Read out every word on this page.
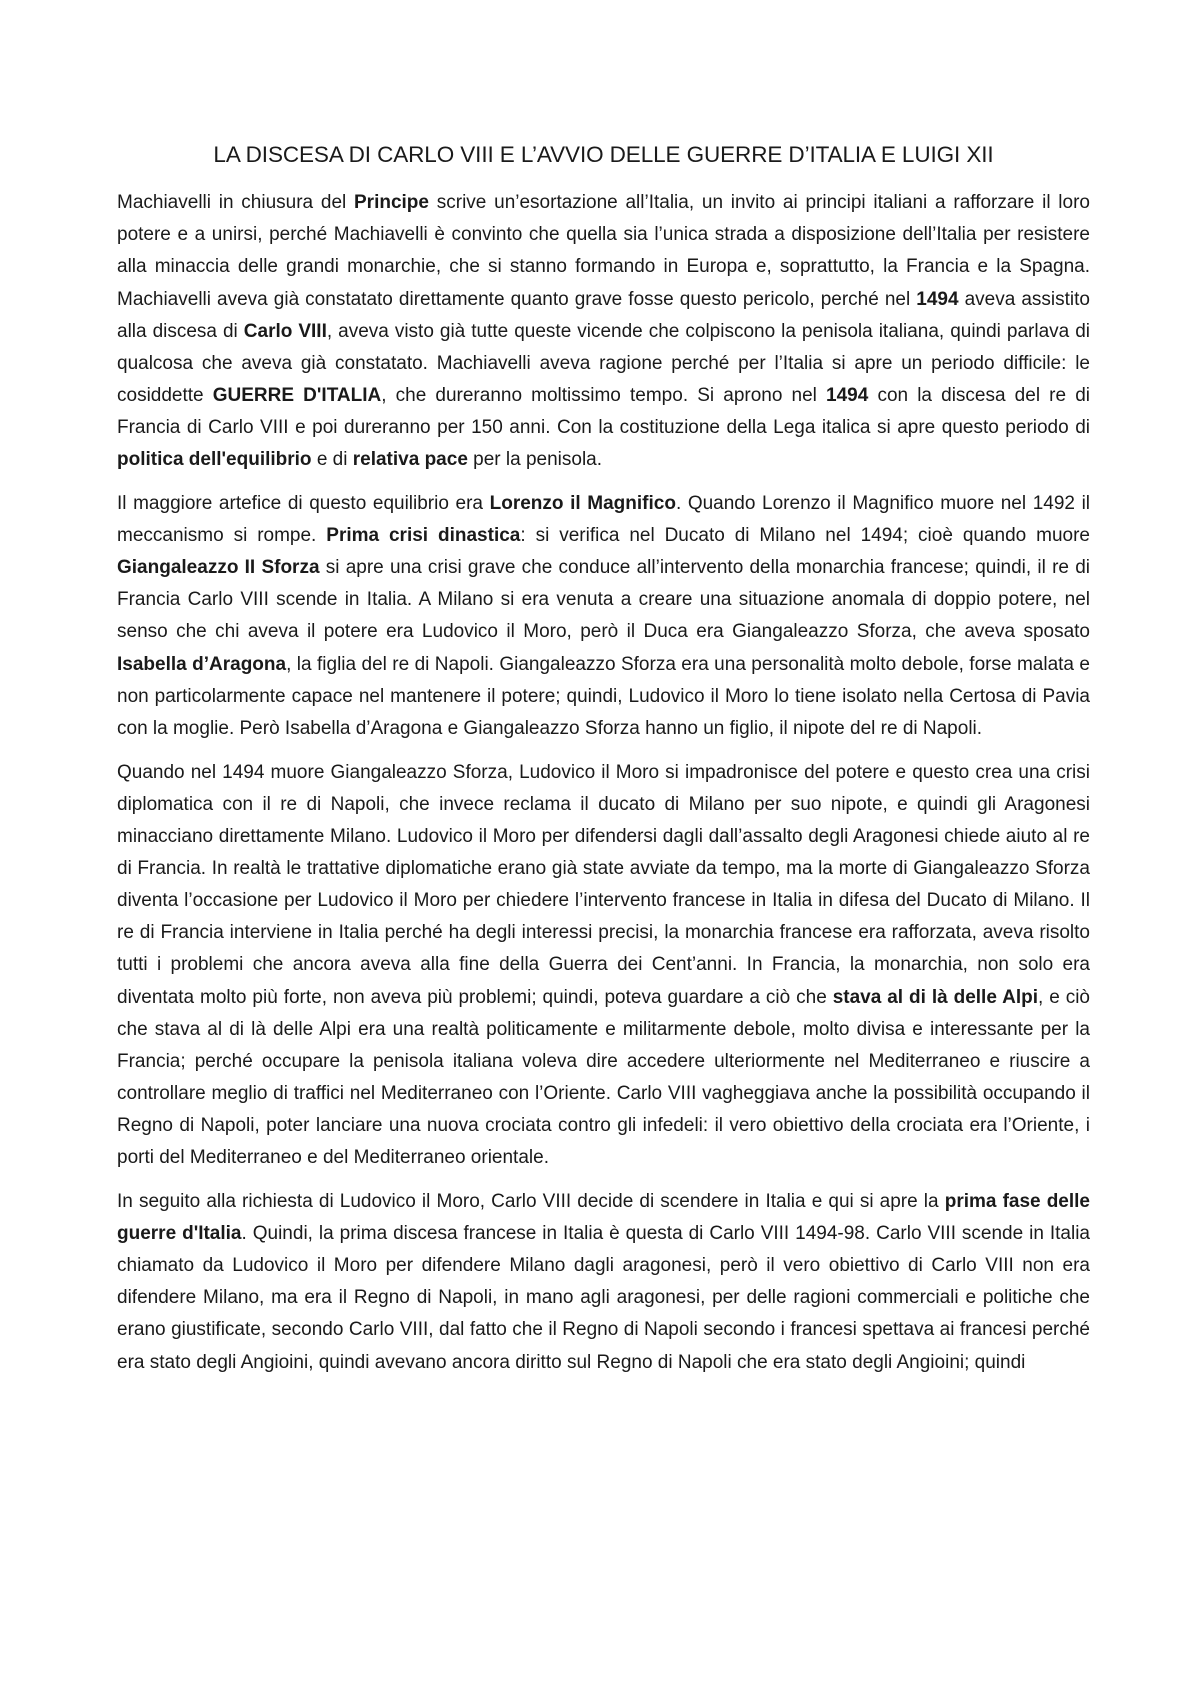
LA DISCESA DI CARLO VIII E L’AVVIO DELLE GUERRE D’ITALIA E LUIGI XII

Machiavelli in chiusura del Principe scrive un’esortazione all’Italia, un invito ai principi italiani a rafforzare il loro potere e a unirsi, perché Machiavelli è convinto che quella sia l’unica strada a disposizione dell’Italia per resistere alla minaccia delle grandi monarchie, che si stanno formando in Europa e, soprattutto, la Francia e la Spagna. Machiavelli aveva già constatato direttamente quanto grave fosse questo pericolo, perché nel 1494 aveva assistito alla discesa di Carlo VIII, aveva visto già tutte queste vicende che colpiscono la penisola italiana, quindi parlava di qualcosa che aveva già constatato. Machiavelli aveva ragione perché per l’Italia si apre un periodo difficile: le cosiddette GUERRE D'ITALIA, che dureranno moltissimo tempo. Si aprono nel 1494 con la discesa del re di Francia di Carlo VIII e poi dureranno per 150 anni. Con la costituzione della Lega italica si apre questo periodo di politica dell'equilibrio e di relativa pace per la penisola.

Il maggiore artefice di questo equilibrio era Lorenzo il Magnifico. Quando Lorenzo il Magnifico muore nel 1492 il meccanismo si rompe. Prima crisi dinastica: si verifica nel Ducato di Milano nel 1494; cioè quando muore Giangaleazzo II Sforza si apre una crisi grave che conduce all’intervento della monarchia francese; quindi, il re di Francia Carlo VIII scende in Italia. A Milano si era venuta a creare una situazione anomala di doppio potere, nel senso che chi aveva il potere era Ludovico il Moro, però il Duca era Giangaleazzo Sforza, che aveva sposato Isabella d’Aragona, la figlia del re di Napoli. Giangaleazzo Sforza era una personalità molto debole, forse malata e non particolarmente capace nel mantenere il potere; quindi, Ludovico il Moro lo tiene isolato nella Certosa di Pavia con la moglie. Però Isabella d’Aragona e Giangaleazzo Sforza hanno un figlio, il nipote del re di Napoli.

Quando nel 1494 muore Giangaleazzo Sforza, Ludovico il Moro si impadronisce del potere e questo crea una crisi diplomatica con il re di Napoli, che invece reclama il ducato di Milano per suo nipote, e quindi gli Aragonesi minacciano direttamente Milano. Ludovico il Moro per difendersi dagli dall’assalto degli Aragonesi chiede aiuto al re di Francia. In realtà le trattative diplomatiche erano già state avviate da tempo, ma la morte di Giangaleazzo Sforza diventa l’occasione per Ludovico il Moro per chiedere l’intervento francese in Italia in difesa del Ducato di Milano. Il re di Francia interviene in Italia perché ha degli interessi precisi, la monarchia francese era rafforzata, aveva risolto tutti i problemi che ancora aveva alla fine della Guerra dei Cent’anni. In Francia, la monarchia, non solo era diventata molto più forte, non aveva più problemi; quindi, poteva guardare a ciò che stava al di là delle Alpi, e ciò che stava al di là delle Alpi era una realtà politicamente e militarmente debole, molto divisa e interessante per la Francia; perché occupare la penisola italiana voleva dire accedere ulteriormente nel Mediterraneo e riuscire a controllare meglio di traffici nel Mediterraneo con l’Oriente. Carlo VIII vagheggiava anche la possibilità occupando il Regno di Napoli, poter lanciare una nuova crociata contro gli infedeli: il vero obiettivo della crociata era l’Oriente, i porti del Mediterraneo e del Mediterraneo orientale.

In seguito alla richiesta di Ludovico il Moro, Carlo VIII decide di scendere in Italia e qui si apre la prima fase delle guerre d'Italia. Quindi, la prima discesa francese in Italia è questa di Carlo VIII 1494-98. Carlo VIII scende in Italia chiamato da Ludovico il Moro per difendere Milano dagli aragonesi, però il vero obiettivo di Carlo VIII non era difendere Milano, ma era il Regno di Napoli, in mano agli aragonesi, per delle ragioni commerciali e politiche che erano giustificate, secondo Carlo VIII, dal fatto che il Regno di Napoli secondo i francesi spettava ai francesi perché era stato degli Angioini, quindi avevano ancora diritto sul Regno di Napoli che era stato degli Angioini; quindi
